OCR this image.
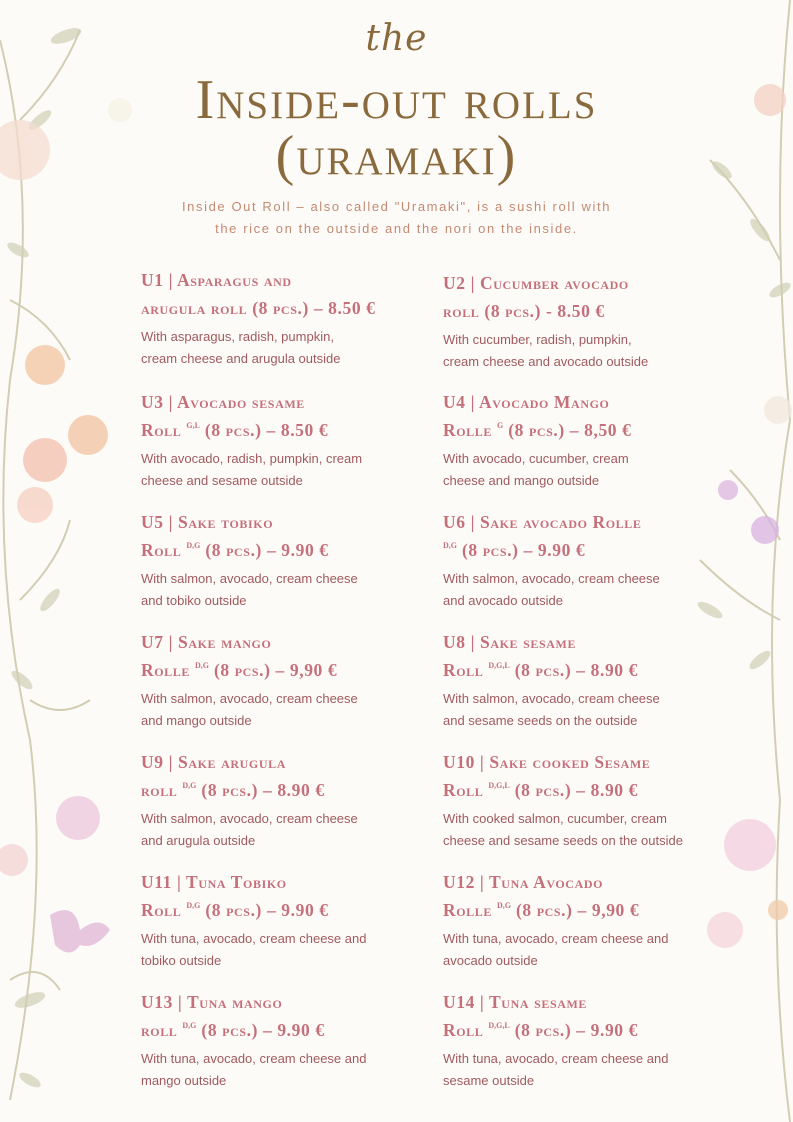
the
Inside-out rolls
(uramaki)
Inside Out Roll – also called "Uramaki", is a sushi roll with
the rice on the outside and the nori on the inside.
U1 | Asparagus and
arugula roll (8 pcs.) – 8.50 €
With asparagus, radish, pumpkin,
cream cheese and arugula outside
U2 | Cucumber avocado
roll (8 pcs.) - 8.50 €
With cucumber, radish, pumpkin,
cream cheese and avocado outside
U3 | Avocado sesame
Roll $^{G,L}$ (8 pcs.) – 8.50 €
With avocado, radish, pumpkin, cream
cheese and sesame outside
U4 | Avocado Mango
Rolle $^G$ (8 pcs.) – 8,50 €
With avocado, cucumber, cream
cheese and mango outside
U5 | Sake tobiko
Roll $^{D,G}$ (8 pcs.) – 9.90 €
With salmon, avocado, cream cheese
and tobiko outside
U6 | Sake avocado Rolle
$^{D,G}$ (8 pcs.) – 9.90 €
With salmon, avocado, cream cheese
and avocado outside
U7 | Sake mango
Rolle $^{D,G}$ (8 pcs.) – 9,90 €
With salmon, avocado, cream cheese
and mango outside
U8 | Sake sesame
Roll $^{D,G,L}$ (8 pcs.) – 8.90 €
With salmon, avocado, cream cheese
and sesame seeds on the outside
U9 | Sake arugula
roll $^{D,G}$ (8 pcs.) – 8.90 €
With salmon, avocado, cream cheese
and arugula outside
U10 | Sake cooked Sesame
Roll $^{D,G,L}$ (8 pcs.) – 8.90 €
With cooked salmon, cucumber, cream
cheese and sesame seeds on the outside
U11 | Tuna Tobiko
Roll $^{D,G}$ (8 pcs.) – 9.90 €
With tuna, avocado, cream cheese and
tobiko outside
U12 | Tuna Avocado
Rolle $^{D,G}$ (8 pcs.) – 9,90 €
With tuna, avocado, cream cheese and
avocado outside
U13 | Tuna mango
roll $^{D,G}$ (8 pcs.) – 9.90 €
With tuna, avocado, cream cheese and
mango outside
U14 | Tuna sesame
Roll $^{D,G,L}$ (8 pcs.) – 9.90 €
With tuna, avocado, cream cheese and
sesame outside
